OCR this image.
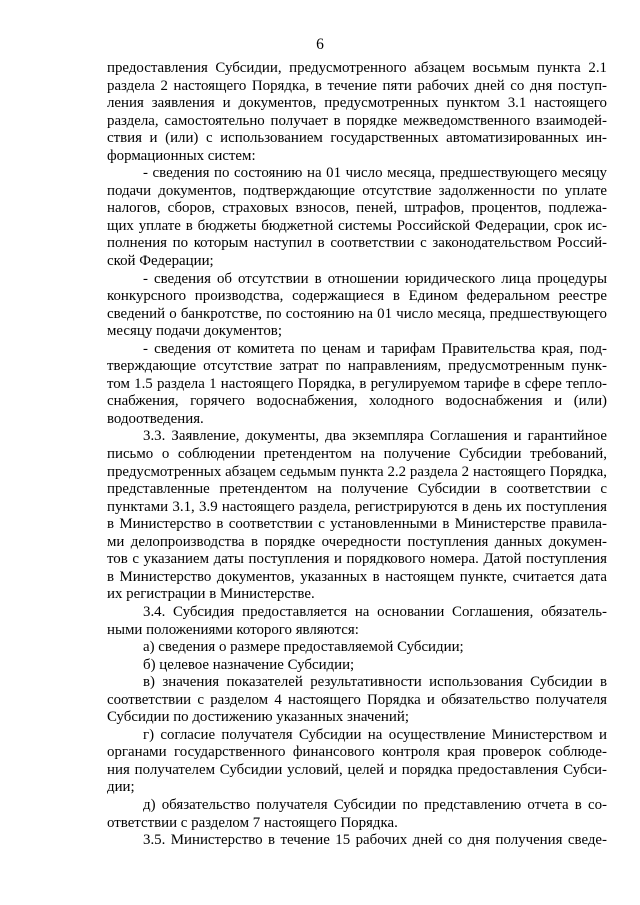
6
предоставления Субсидии, предусмотренного абзацем восьмым пункта 2.1
раздела 2 настоящего Порядка, в течение пяти рабочих дней со дня поступ-
ления заявления и документов, предусмотренных пунктом 3.1 настоящего
раздела, самостоятельно получает в порядке межведомственного взаимодей-
ствия и (или) с использованием государственных автоматизированных ин-
формационных систем:
- сведения по состоянию на 01 число месяца, предшествующего месяцу
подачи документов, подтверждающие отсутствие задолженности по уплате
налогов, сборов, страховых взносов, пеней, штрафов, процентов, подлежа-
щих уплате в бюджеты бюджетной системы Российской Федерации, срок ис-
полнения по которым наступил в соответствии с законодательством Россий-
ской Федерации;
- сведения об отсутствии в отношении юридического лица процедуры
конкурсного производства, содержащиеся в Едином федеральном реестре
сведений о банкротстве, по состоянию на 01 число месяца, предшествующего
месяцу подачи документов;
- сведения от комитета по ценам и тарифам Правительства края, под-
тверждающие отсутствие затрат по направлениям, предусмотренным пунк-
том 1.5 раздела 1 настоящего Порядка, в регулируемом тарифе в сфере тепло-
снабжения, горячего водоснабжения, холодного водоснабжения и (или)
водоотведения.
3.3. Заявление, документы, два экземпляра Соглашения и гарантийное
письмо о соблюдении претендентом на получение Субсидии требований,
предусмотренных абзацем седьмым пункта 2.2 раздела 2 настоящего Порядка,
представленные претендентом на получение Субсидии в соответствии с
пунктами 3.1, 3.9 настоящего раздела, регистрируются в день их поступления
в Министерство в соответствии с установленными в Министерстве правила-
ми делопроизводства в порядке очередности поступления данных докумен-
тов с указанием даты поступления и порядкового номера. Датой поступления
в Министерство документов, указанных в настоящем пункте, считается дата
их регистрации в Министерстве.
3.4. Субсидия предоставляется на основании Соглашения, обязатель-
ными положениями которого являются:
а) сведения о размере предоставляемой Субсидии;
б) целевое назначение Субсидии;
в) значения показателей результативности использования Субсидии в
соответствии с разделом 4 настоящего Порядка и обязательство получателя
Субсидии по достижению указанных значений;
г) согласие получателя Субсидии на осуществление Министерством и
органами государственного финансового контроля края проверок соблюде-
ния получателем Субсидии условий, целей и порядка предоставления Субси-
дии;
д) обязательство получателя Субсидии по представлению отчета в со-
ответствии с разделом 7 настоящего Порядка.
3.5. Министерство в течение 15 рабочих дней со дня получения сведе-
